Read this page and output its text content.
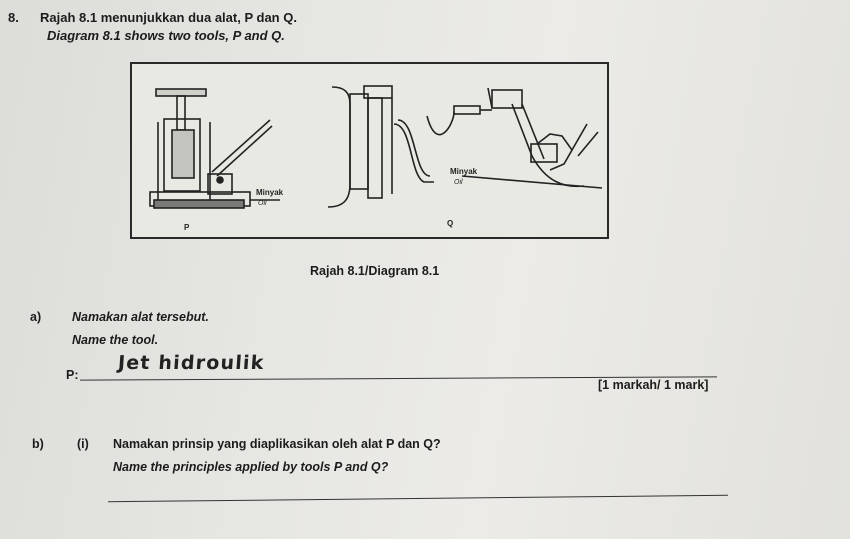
8. Rajah 8.1 menunjukkan dua alat, P dan Q.
Diagram 8.1 shows two tools, P and Q.
Minyak
Oil
P
Minyak
Oil
Q
Rajah 8.1/Diagram 8.1
a) Namakan alat tersebut.
Name the tool.
P:
Jet hidroulik
[1 markah/ 1 mark]
b)	(i) Namakan prinsip yang diaplikasikan oleh alat P dan Q?
Name the principles applied by tools P and Q?
